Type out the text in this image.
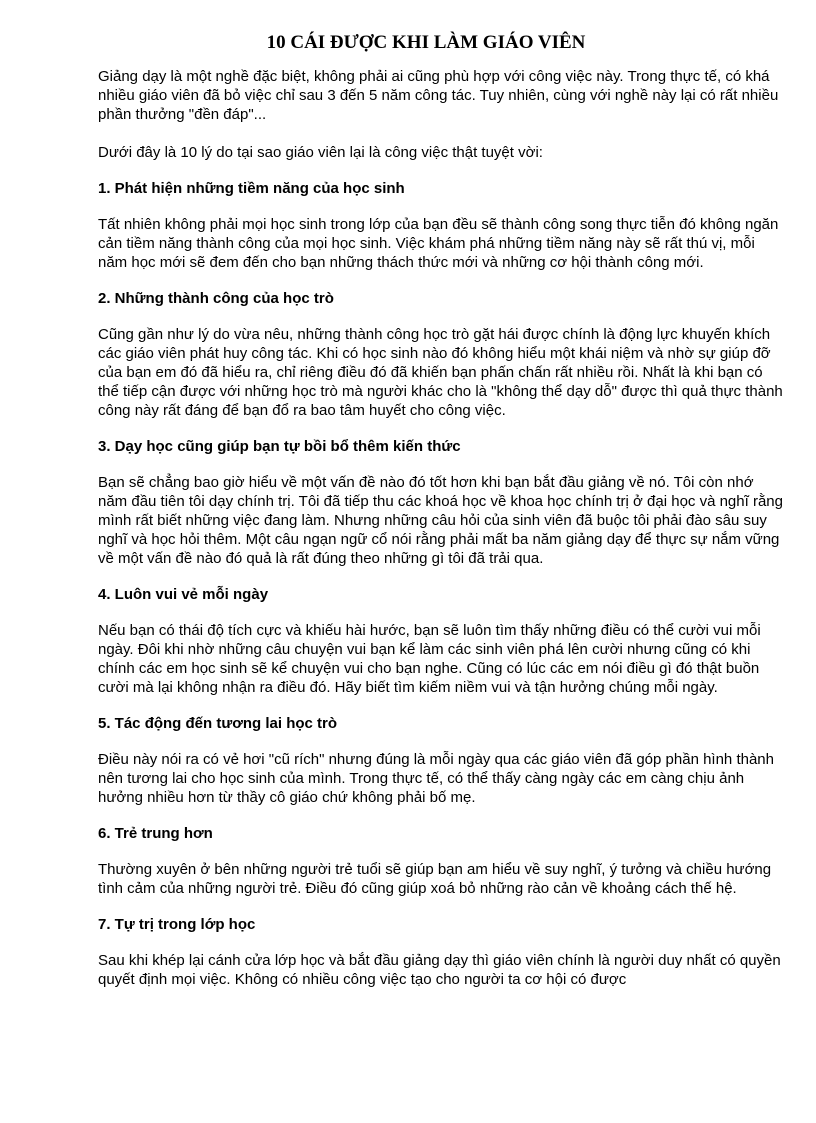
10 CÁI ĐƯỢC KHI LÀM GIÁO VIÊN

Giảng dạy là một nghề đặc biệt, không phải ai cũng phù hợp với công việc này. Trong thực tế, có khá nhiều giáo viên đã bỏ việc chỉ sau 3 đến 5 năm công tác. Tuy nhiên, cùng với nghề này lại có rất nhiều phần thưởng "đền đáp"...

Dưới đây là 10 lý do tại sao giáo viên lại là công việc thật tuyệt vời:

1. Phát hiện những tiềm năng của học sinh

Tất nhiên không phải mọi học sinh trong lớp của bạn đều sẽ thành công song thực tiễn đó không ngăn cản tiềm năng thành công của mọi học sinh. Việc khám phá những tiềm năng này sẽ rất thú vị, mỗi năm học mới sẽ đem đến cho bạn những thách thức mới và những cơ hội thành công mới.

2. Những thành công của học trò

Cũng gần như lý do vừa nêu, những thành công học trò gặt hái được chính là động lực khuyến khích các giáo viên phát huy công tác. Khi có học sinh nào đó không hiểu một khái niệm và nhờ sự giúp đỡ của bạn em đó đã hiểu ra, chỉ riêng điều đó đã khiến bạn phấn chấn rất nhiều rồi. Nhất là khi bạn có thể tiếp cận được với những học trò mà người khác cho là "không thể dạy dỗ" được thì quả thực thành công này rất đáng để bạn đổ ra bao tâm huyết cho công việc.

3. Dạy học cũng giúp bạn tự bồi bổ thêm kiến thức

Bạn sẽ chẳng bao giờ hiểu về một vấn đề nào đó tốt hơn khi bạn bắt đầu giảng về nó. Tôi còn nhớ năm đầu tiên tôi dạy chính trị. Tôi đã tiếp thu các khoá học về khoa học chính trị ở đại học và nghĩ rằng mình rất biết những việc đang làm. Nhưng những câu hỏi của sinh viên đã buộc tôi phải đào sâu suy nghĩ và học hỏi thêm. Một câu ngạn ngữ cổ nói rằng phải mất ba năm giảng dạy để thực sự nắm vững về một vấn đề nào đó quả là rất đúng theo những gì tôi đã trải qua.

4. Luôn vui vẻ mỗi ngày

Nếu bạn có thái độ tích cực và khiếu hài hước, bạn sẽ luôn tìm thấy những điều có thể cười vui mỗi ngày. Đôi khi nhờ những câu chuyện vui bạn kể làm các sinh viên phá lên cười nhưng cũng có khi chính các em học sinh sẽ kể chuyện vui cho bạn nghe. Cũng có lúc các em nói điều gì đó thật buồn cười mà lại không nhận ra điều đó. Hãy biết tìm kiếm niềm vui và tận hưởng chúng mỗi ngày.

5. Tác động đến tương lai học trò

Điều này nói ra có vẻ hơi "cũ rích" nhưng đúng là mỗi ngày qua các giáo viên đã góp phần hình thành nên tương lai cho học sinh của mình. Trong thực tế, có thể thấy càng ngày các em càng chịu ảnh hưởng nhiều hơn từ thầy cô giáo chứ không phải bố mẹ.

6. Trẻ trung hơn

Thường xuyên ở bên những người trẻ tuổi sẽ giúp bạn am hiểu về suy nghĩ, ý tưởng và chiều hướng tình cảm của những người trẻ. Điều đó cũng giúp xoá bỏ những rào cản về khoảng cách thế hệ.

7. Tự trị trong lớp học

Sau khi khép lại cánh cửa lớp học và bắt đầu giảng dạy thì giáo viên chính là người duy nhất có quyền quyết định mọi việc. Không có nhiều công việc tạo cho người ta cơ hội có được
